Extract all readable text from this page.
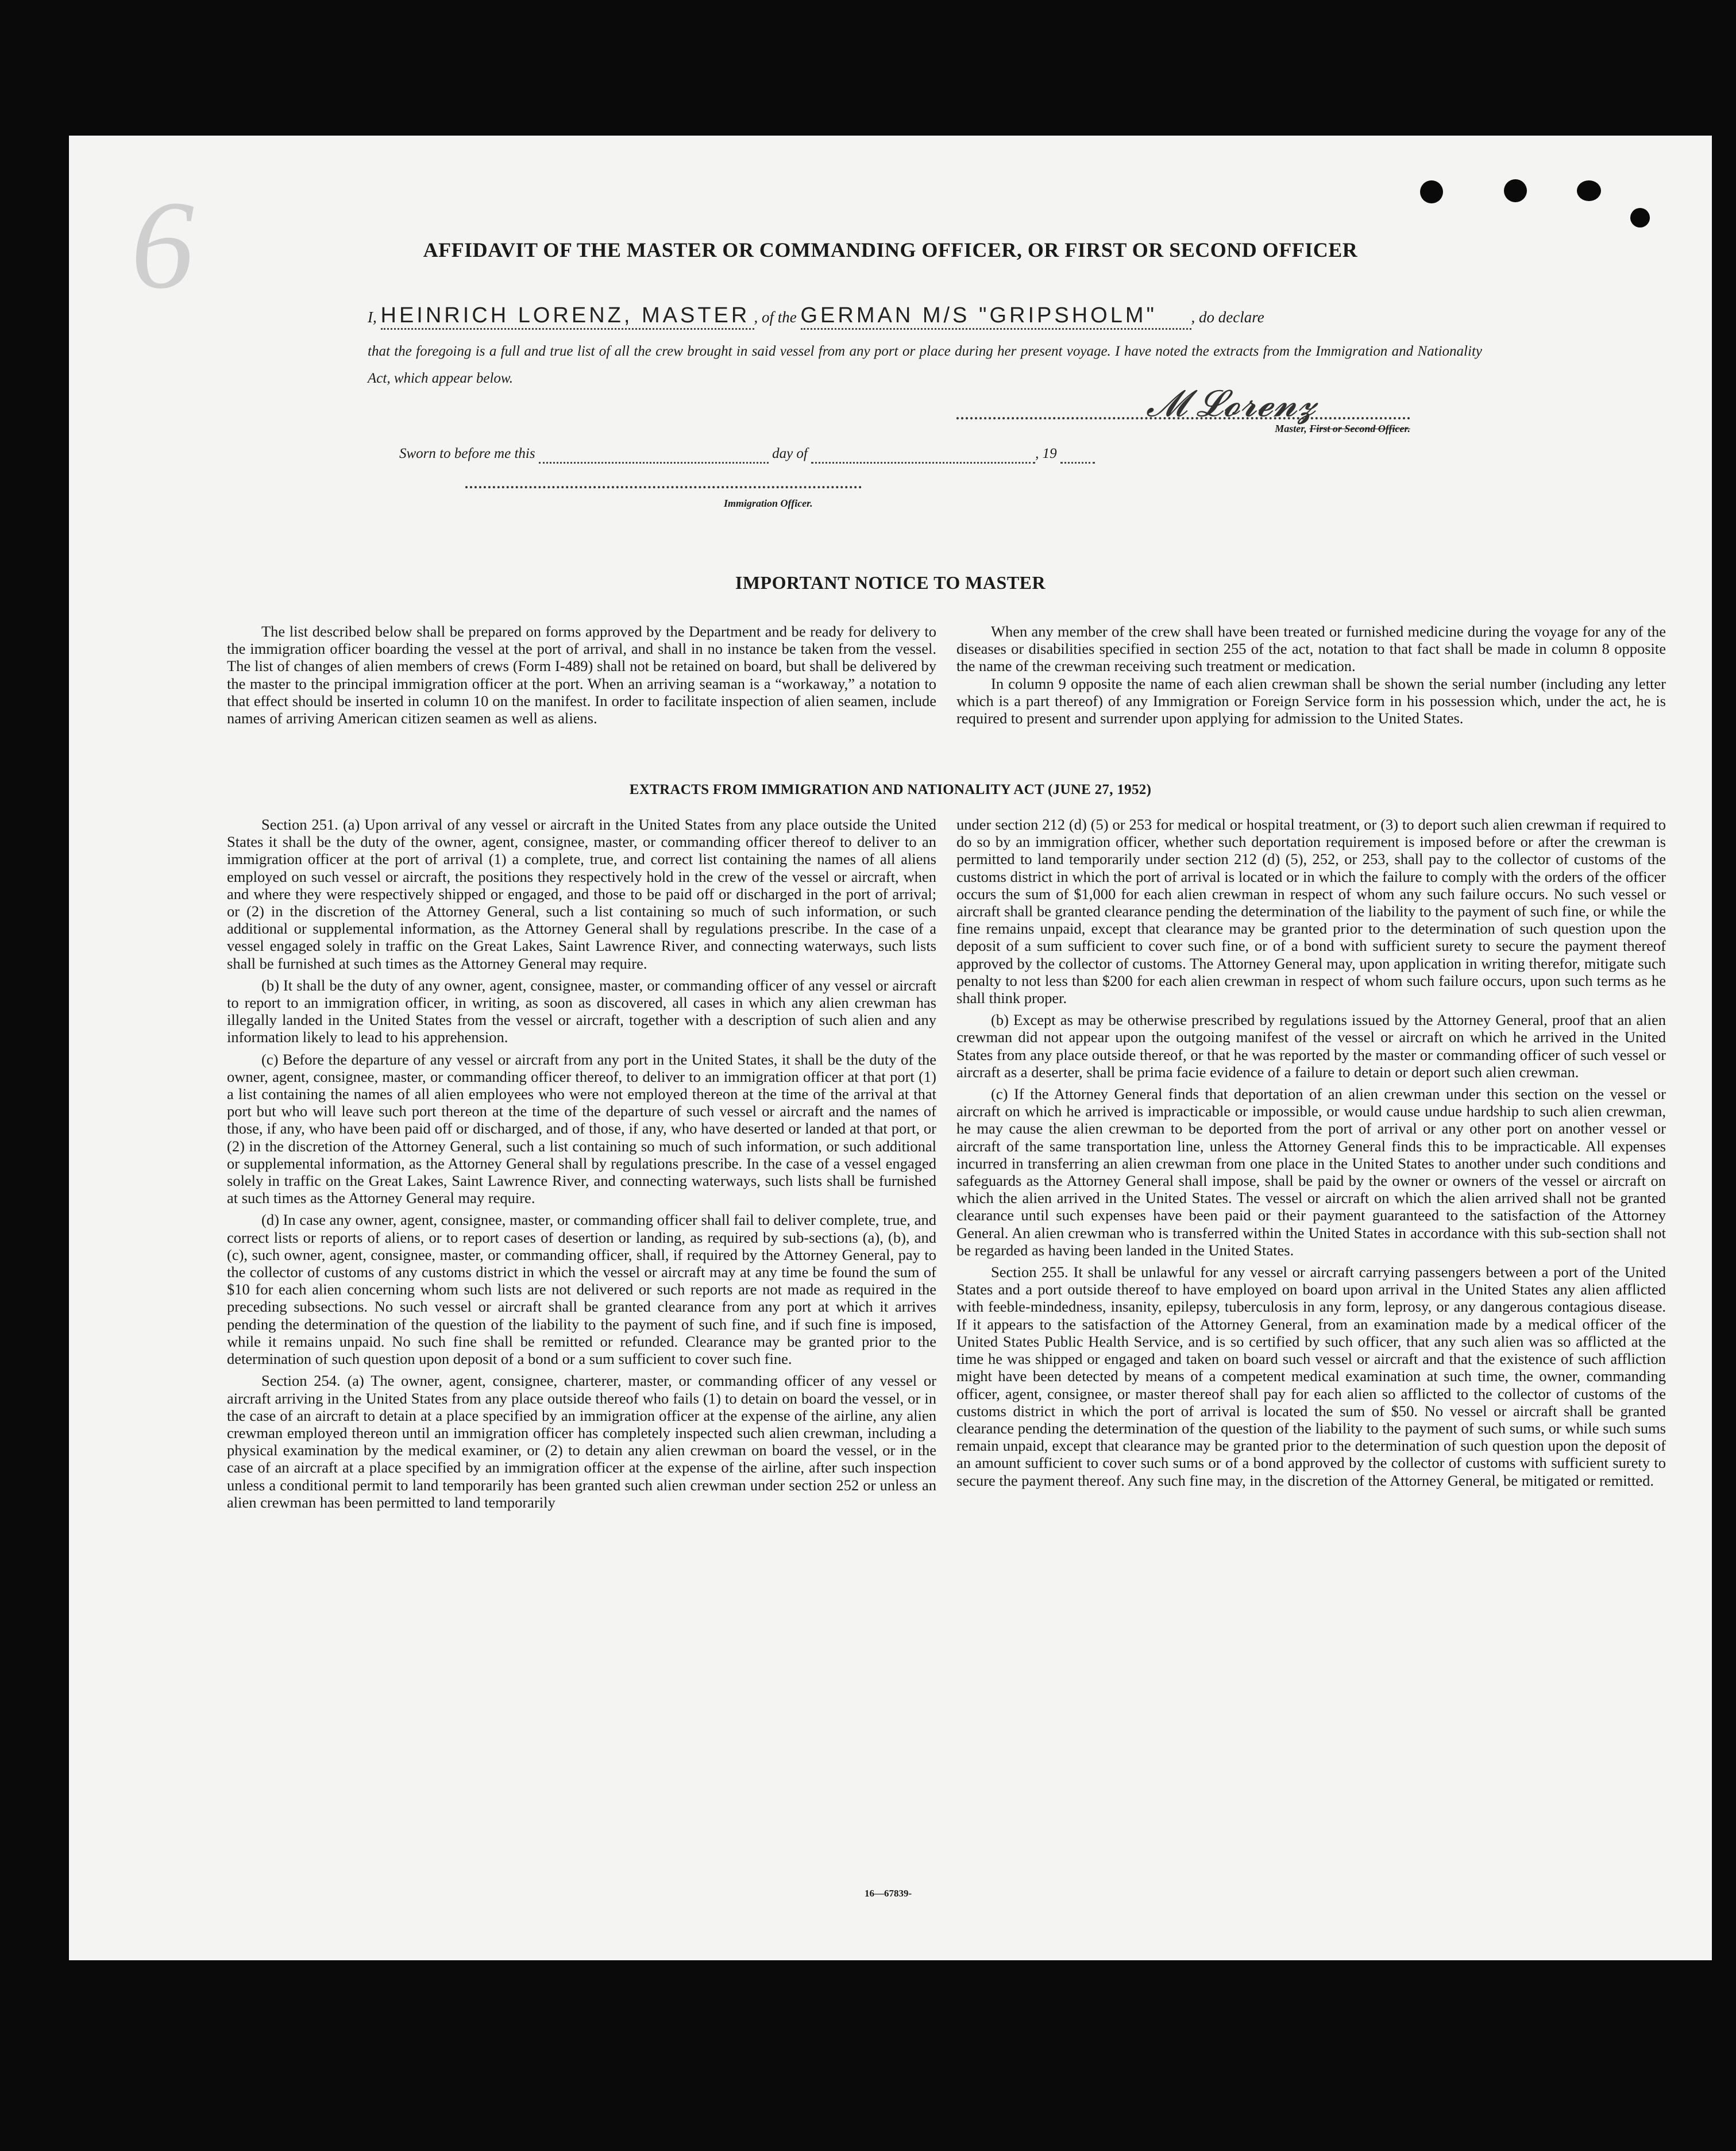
6
 	AFFIDAVIT OF THE MASTER OR COMMANDING OFFICER, OR FIRST OR SECOND OFFICER
I, HEINRICH LORENZ, MASTER , of the GERMAN M/S "GRIPSHOLM" , do declare
that the foregoing is a full and true list of all the crew brought in said vessel from any port or place during her present voyage. I have noted the extracts from the Immigration and Nationality Act, which appear below.
𝓜 𝓛𝓸𝓻𝓮𝓷𝔃
Master, First or Second Officer.
Sworn to before me this	day of	, 19
Immigration Officer.
IMPORTANT NOTICE TO MASTER

The list described below shall be prepared on forms approved by the Department and be ready for delivery to the immigration officer boarding the vessel at the port of arrival, and shall in no instance be taken from the vessel. The list of changes of alien members of crews (Form I-489) shall not be retained on board, but shall be delivered by the master to the principal immigration officer at the port. When an arriving seaman is a “workaway,” a notation to that effect should be inserted in column 10 on the manifest. In order to facilitate inspection of alien seamen, include names of arriving American citizen seamen as well as aliens.

When any member of the crew shall have been treated or furnished medicine during the voyage for any of the diseases or disabilities specified in section 255 of the act, notation to that fact shall be made in column 8 opposite the name of the crewman receiving such treatment or medication.

In column 9 opposite the name of each alien crewman shall be shown the serial number (including any letter which is a part thereof) of any Immigration or Foreign Service form in his possession which, under the act, he is required to present and surrender upon applying for admission to the United States.

EXTRACTS FROM IMMIGRATION AND NATIONALITY ACT (JUNE 27, 1952)

Section 251. (a) Upon arrival of any vessel or aircraft in the United States from any place outside the United States it shall be the duty of the owner, agent, consignee, master, or commanding officer thereof to deliver to an immigration officer at the port of arrival (1) a complete, true, and correct list containing the names of all aliens employed on such vessel or aircraft, the positions they respectively hold in the crew of the vessel or aircraft, when and where they were respectively shipped or engaged, and those to be paid off or discharged in the port of arrival; or (2) in the discretion of the Attorney General, such a list containing so much of such information, or such additional or supplemental information, as the Attorney General shall by regulations prescribe. In the case of a vessel engaged solely in traffic on the Great Lakes, Saint Lawrence River, and connecting waterways, such lists shall be furnished at such times as the Attorney General may require.

(b) It shall be the duty of any owner, agent, consignee, master, or commanding officer of any vessel or aircraft to report to an immigration officer, in writing, as soon as discovered, all cases in which any alien crewman has illegally landed in the United States from the vessel or aircraft, together with a description of such alien and any information likely to lead to his apprehension.

(c) Before the departure of any vessel or aircraft from any port in the United States, it shall be the duty of the owner, agent, consignee, master, or commanding officer thereof, to deliver to an immigration officer at that port (1) a list containing the names of all alien employees who were not employed thereon at the time of the arrival at that port but who will leave such port thereon at the time of the departure of such vessel or aircraft and the names of those, if any, who have been paid off or discharged, and of those, if any, who have deserted or landed at that port, or (2) in the discretion of the Attorney General, such a list containing so much of such information, or such additional or supplemental information, as the Attorney General shall by regulations prescribe. In the case of a vessel engaged solely in traffic on the Great Lakes, Saint Lawrence River, and connecting waterways, such lists shall be furnished at such times as the Attorney General may require.

(d) In case any owner, agent, consignee, master, or commanding officer shall fail to deliver complete, true, and correct lists or reports of aliens, or to report cases of desertion or landing, as required by sub-sections (a), (b), and (c), such owner, agent, consignee, master, or commanding officer, shall, if required by the Attorney General, pay to the collector of customs of any customs district in which the vessel or aircraft may at any time be found the sum of $10 for each alien concerning whom such lists are not delivered or such reports are not made as required in the preceding subsections. No such vessel or aircraft shall be granted clearance from any port at which it arrives pending the determination of the question of the liability to the payment of such fine, and if such fine is imposed, while it remains unpaid. No such fine shall be remitted or refunded. Clearance may be granted prior to the determination of such question upon deposit of a bond or a sum sufficient to cover such fine.

Section 254. (a) The owner, agent, consignee, charterer, master, or commanding officer of any vessel or aircraft arriving in the United States from any place outside thereof who fails (1) to detain on board the vessel, or in the case of an aircraft to detain at a place specified by an immigration officer at the expense of the airline, any alien crewman employed thereon until an immigration officer has completely inspected such alien crewman, including a physical examination by the medical examiner, or (2) to detain any alien crewman on board the vessel, or in the case of an aircraft at a place specified by an immigration officer at the expense of the airline, after such inspection unless a conditional permit to land temporarily has been granted such alien crewman under section 252 or unless an alien crewman has been permitted to land temporarily

under section 212 (d) (5) or 253 for medical or hospital treatment, or (3) to deport such alien crewman if required to do so by an immigration officer, whether such deportation requirement is imposed before or after the crewman is permitted to land temporarily under section 212 (d) (5), 252, or 253, shall pay to the collector of customs of the customs district in which the port of arrival is located or in which the failure to comply with the orders of the officer occurs the sum of $1,000 for each alien crewman in respect of whom any such failure occurs. No such vessel or aircraft shall be granted clearance pending the determination of the liability to the payment of such fine, or while the fine remains unpaid, except that clearance may be granted prior to the determination of such question upon the deposit of a sum sufficient to cover such fine, or of a bond with sufficient surety to secure the payment thereof approved by the collector of customs. The Attorney General may, upon application in writing therefor, mitigate such penalty to not less than $200 for each alien crewman in respect of whom such failure occurs, upon such terms as he shall think proper.

(b) Except as may be otherwise prescribed by regulations issued by the Attorney General, proof that an alien crewman did not appear upon the outgoing manifest of the vessel or aircraft on which he arrived in the United States from any place outside thereof, or that he was reported by the master or commanding officer of such vessel or aircraft as a deserter, shall be prima facie evidence of a failure to detain or deport such alien crewman.

(c) If the Attorney General finds that deportation of an alien crewman under this section on the vessel or aircraft on which he arrived is impracticable or impossible, or would cause undue hardship to such alien crewman, he may cause the alien crewman to be deported from the port of arrival or any other port on another vessel or aircraft of the same transportation line, unless the Attorney General finds this to be impracticable. All expenses incurred in transferring an alien crewman from one place in the United States to another under such conditions and safeguards as the Attorney General shall impose, shall be paid by the owner or owners of the vessel or aircraft on which the alien arrived in the United States. The vessel or aircraft on which the alien arrived shall not be granted clearance until such expenses have been paid or their payment guaranteed to the satisfaction of the Attorney General. An alien crewman who is transferred within the United States in accordance with this sub-section shall not be regarded as having been landed in the United States.

Section 255. It shall be unlawful for any vessel or aircraft carrying passengers between a port of the United States and a port outside thereof to have employed on board upon arrival in the United States any alien afflicted with feeble-mindedness, insanity, epilepsy, tuberculosis in any form, leprosy, or any dangerous contagious disease. If it appears to the satisfaction of the Attorney General, from an examination made by a medical officer of the United States Public Health Service, and is so certified by such officer, that any such alien was so afflicted at the time he was shipped or engaged and taken on board such vessel or aircraft and that the existence of such affliction might have been detected by means of a competent medical examination at such time, the owner, commanding officer, agent, consignee, or master thereof shall pay for each alien so afflicted to the collector of customs of the customs district in which the port of arrival is located the sum of $50. No vessel or aircraft shall be granted clearance pending the determination of the question of the liability to the payment of such sums, or while such sums remain unpaid, except that clearance may be granted prior to the determination of such question upon the deposit of an amount sufficient to cover such sums or of a bond approved by the collector of customs with sufficient surety to secure the payment thereof. Any such fine may, in the discretion of the Attorney General, be mitigated or remitted.

16—67839-
